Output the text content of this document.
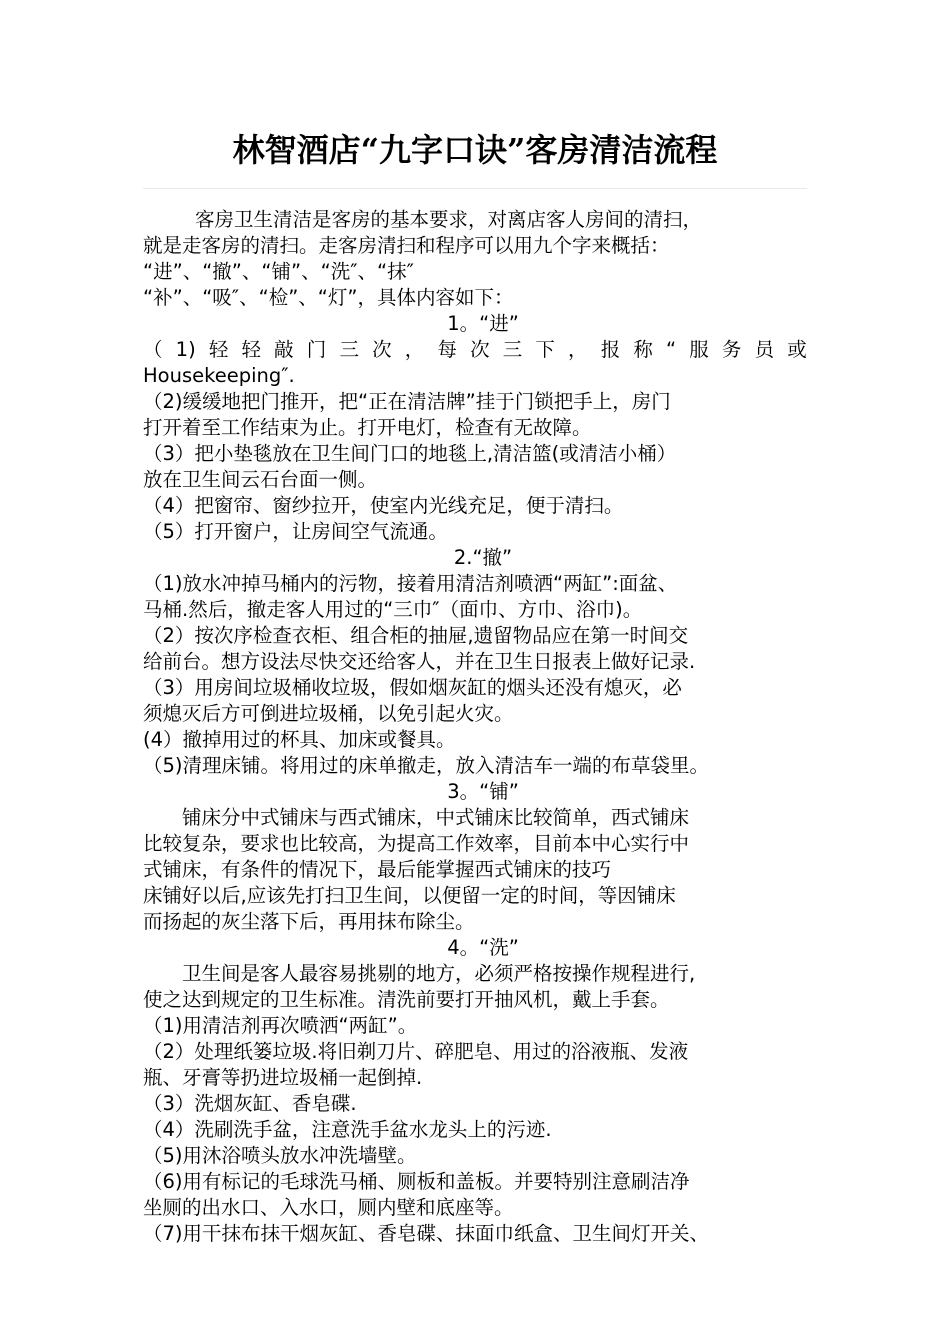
林智酒店“九字口诀”客房清洁流程
客房卫生清洁是客房的基本要求，对离店客人房间的清扫，
就是走客房的清扫。走客房清扫和程序可以用九个字来概括：
“进”、“撤”、“铺”、“洗″、“抹″
“补”、“吸″、“检”、“灯”，具体内容如下：
1。“进”
（ 1) 轻 轻 敲 门 三 次 ， 每 次 三 下 ， 报 称 “ 服 务 员 或
Housekeeping″.
（2)缓缓地把门推开，把“正在清洁牌”挂于门锁把手上，房门
打开着至工作结束为止。打开电灯，检查有无故障。
（3）把小垫毯放在卫生间门口的地毯上,清洁篮(或清洁小桶）
放在卫生间云石台面一侧。
（4）把窗帘、窗纱拉开，使室内光线充足，便于清扫。
（5）打开窗户，让房间空气流通。
2.“撤”
（1)放水冲掉马桶内的污物，接着用清洁剂喷洒“两缸”:面盆、
马桶.然后，撤走客人用过的“三巾″（面巾、方巾、浴巾)。
（2）按次序检查衣柜、组合柜的抽屉,遗留物品应在第一时间交
给前台。想方设法尽快交还给客人，并在卫生日报表上做好记录.
（3）用房间垃圾桶收垃圾，假如烟灰缸的烟头还没有熄灭，必
须熄灭后方可倒进垃圾桶，以免引起火灾。
(4）撤掉用过的杯具、加床或餐具。
（5)清理床铺。将用过的床单撤走，放入清洁车一端的布草袋里。
3。“铺”
铺床分中式铺床与西式铺床，中式铺床比较简单，西式铺床
比较复杂，要求也比较高，为提高工作效率，目前本中心实行中
式铺床，有条件的情况下，最后能掌握西式铺床的技巧
床铺好以后,应该先打扫卫生间，以便留一定的时间，等因铺床
而扬起的灰尘落下后，再用抹布除尘。
4。“洗”
卫生间是客人最容易挑剔的地方，必须严格按操作规程进行,
使之达到规定的卫生标准。清洗前要打开抽风机，戴上手套。
（1)用清洁剂再次喷洒“两缸”。
（2）处理纸篓垃圾.将旧剃刀片、碎肥皂、用过的浴液瓶、发液
瓶、牙膏等扔进垃圾桶一起倒掉.
（3）洗烟灰缸、香皂碟.
（4）洗刷洗手盆，注意洗手盆水龙头上的污迹.
（5)用沐浴喷头放水冲洗墙壁。
（6)用有标记的毛球洗马桶、厕板和盖板。并要特别注意刷洁净
坐厕的出水口、入水口，厕内壁和底座等。
（7)用干抹布抹干烟灰缸、香皂碟、抹面巾纸盒、卫生间灯开关、
